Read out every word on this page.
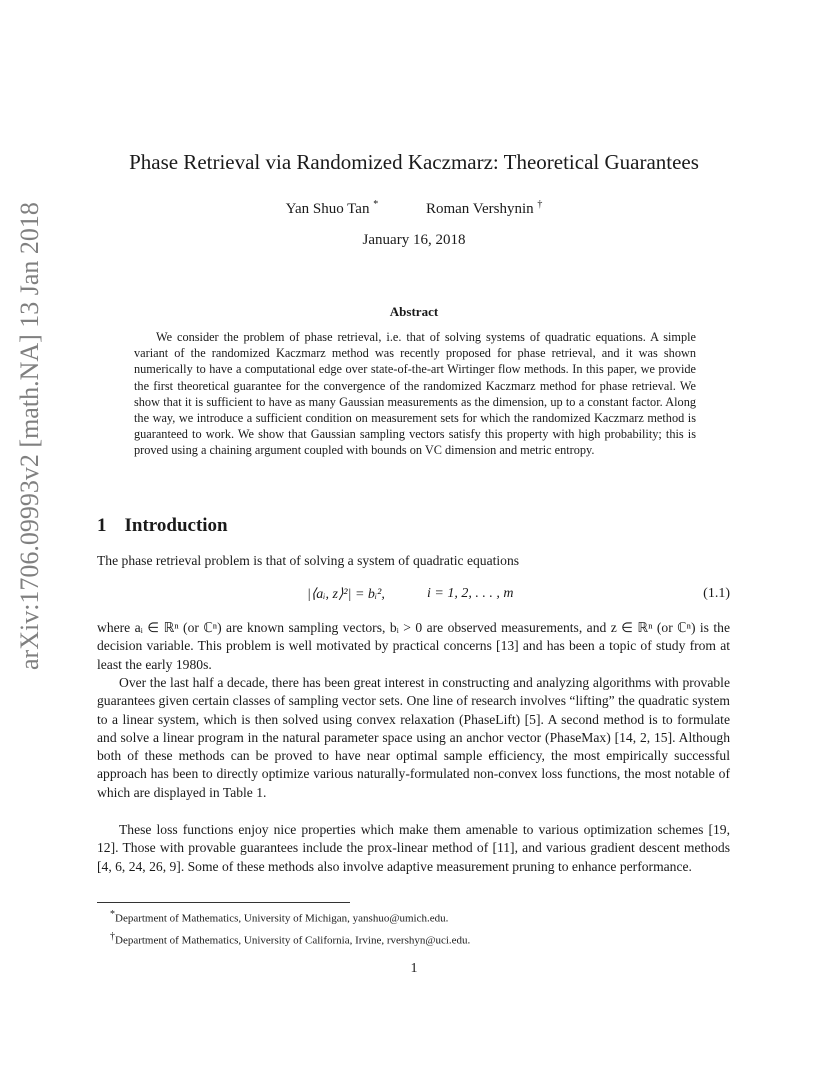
arXiv:1706.09993v2 [math.NA] 13 Jan 2018
Phase Retrieval via Randomized Kaczmarz: Theoretical Guarantees
Yan Shuo Tan *	Roman Vershynin †
January 16, 2018
Abstract

We consider the problem of phase retrieval, i.e. that of solving systems of quadratic equations. A simple variant of the randomized Kaczmarz method was recently proposed for phase retrieval, and it was shown numerically to have a computational edge over state-of-the-art Wirtinger flow methods. In this paper, we provide the first theoretical guarantee for the convergence of the randomized Kaczmarz method for phase retrieval. We show that it is sufficient to have as many Gaussian measurements as the dimension, up to a constant factor. Along the way, we introduce a sufficient condition on measurement sets for which the randomized Kaczmarz method is guaranteed to work. We show that Gaussian sampling vectors satisfy this property with high probability; this is proved using a chaining argument coupled with bounds on VC dimension and metric entropy.

1 Introduction

The phase retrieval problem is that of solving a system of quadratic equations

|⟨aᵢ, z⟩²| = bᵢ²,	i = 1, 2, . . . , m	(1.1)

where aᵢ ∈ ℝⁿ (or ℂⁿ) are known sampling vectors, bᵢ > 0 are observed measurements, and z ∈ ℝⁿ (or ℂⁿ) is the decision variable. This problem is well motivated by practical concerns [13] and has been a topic of study from at least the early 1980s.

Over the last half a decade, there has been great interest in constructing and analyzing algorithms with provable guarantees given certain classes of sampling vector sets. One line of research involves “lifting” the quadratic system to a linear system, which is then solved using convex relaxation (PhaseLift) [5]. A second method is to formulate and solve a linear program in the natural parameter space using an anchor vector (PhaseMax) [14, 2, 15]. Although both of these methods can be proved to have near optimal sample efficiency, the most empirically successful approach has been to directly optimize various naturally-formulated non-convex loss functions, the most notable of which are displayed in Table 1.

These loss functions enjoy nice properties which make them amenable to various optimization schemes [19, 12]. Those with provable guarantees include the prox-linear method of [11], and various gradient descent methods [4, 6, 24, 26, 9]. Some of these methods also involve adaptive measurement pruning to enhance performance.

*Department of Mathematics, University of Michigan, yanshuo@umich.edu.
†Department of Mathematics, University of California, Irvine, rvershyn@uci.edu.
1
